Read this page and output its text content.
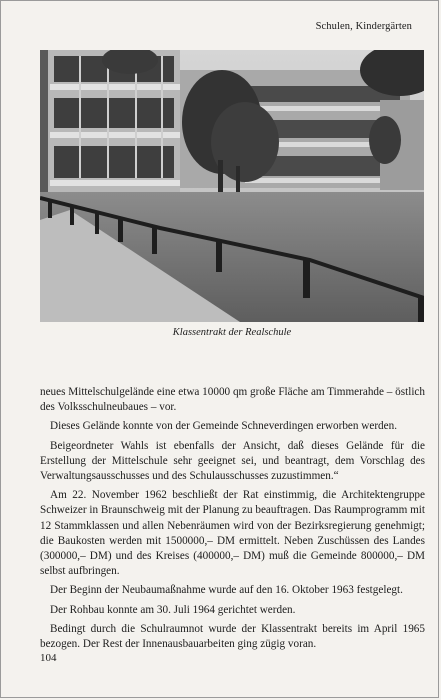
Schulen, Kindergärten
Klassentrakt der Realschule

neues Mittelschulgelände eine etwa 10000 qm große Fläche am Timmerahde – östlich des Volksschulneubaues – vor.

Dieses Gelände konnte von der Gemeinde Schneverdingen erworben werden.

Beigeordneter Wahls ist ebenfalls der Ansicht, daß dieses Gelände für die Erstellung der Mittelschule sehr geeignet sei, und beantragt, dem Vorschlag des Verwaltungsausschusses und des Schulausschusses zuzustimmen.“

Am 22. November 1962 beschließt der Rat einstimmig, die Architektengruppe Schweizer in Braunschweig mit der Planung zu beauftragen. Das Raumprogramm mit 12 Stammklassen und allen Nebenräumen wird von der Bezirksregierung genehmigt; die Baukosten werden mit 1500000,– DM ermittelt. Neben Zuschüssen des Landes (300000,– DM) und des Kreises (400000,– DM) muß die Gemeinde 800000,– DM selbst aufbringen.

Der Beginn der Neubaumaßnahme wurde auf den 16. Oktober 1963 festgelegt.

Der Rohbau konnte am 30. Juli 1964 gerichtet werden.

Bedingt durch die Schulraumnot wurde der Klassentrakt bereits im April 1965 bezogen. Der Rest der Innenausbauarbeiten ging zügig voran.

104
